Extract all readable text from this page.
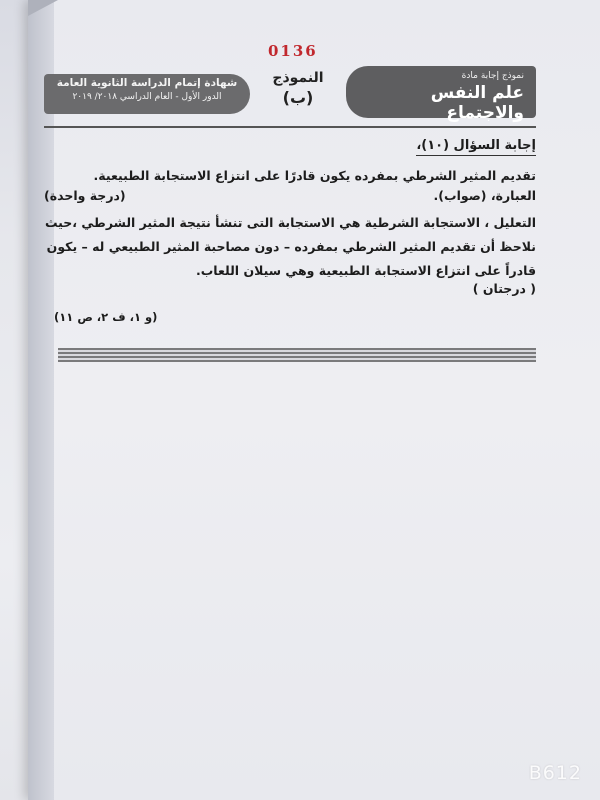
0136
نموذج إجابة مادة
علم النفس والاجتماع
النموذج
(ب)
شهادة إتمام الدراسة الثانوية العامة
الدور الأول - العام الدراسي ٢٠١٨/ ٢٠١٩
إجابة السؤال (١٠)،
تقديم المثير الشرطي بمفرده يكون قادرًا على انتزاع الاستجابة الطبيعية.
العبارة، (صواب).
(درجة واحدة)
التعليل ، الاستجابة الشرطية هي الاستجابة التى تنشأ نتيجة المثير الشرطي ،حيث نلاحظ أن تقديم المثير الشرطي بمفرده – دون مصاحبة المثير الطبيعي له – يكون قادراً على انتزاع الاستجابة الطبيعية وهي سيلان اللعاب.
( درجتان )
(و ١، ف ٢، ص ١١)
B612
